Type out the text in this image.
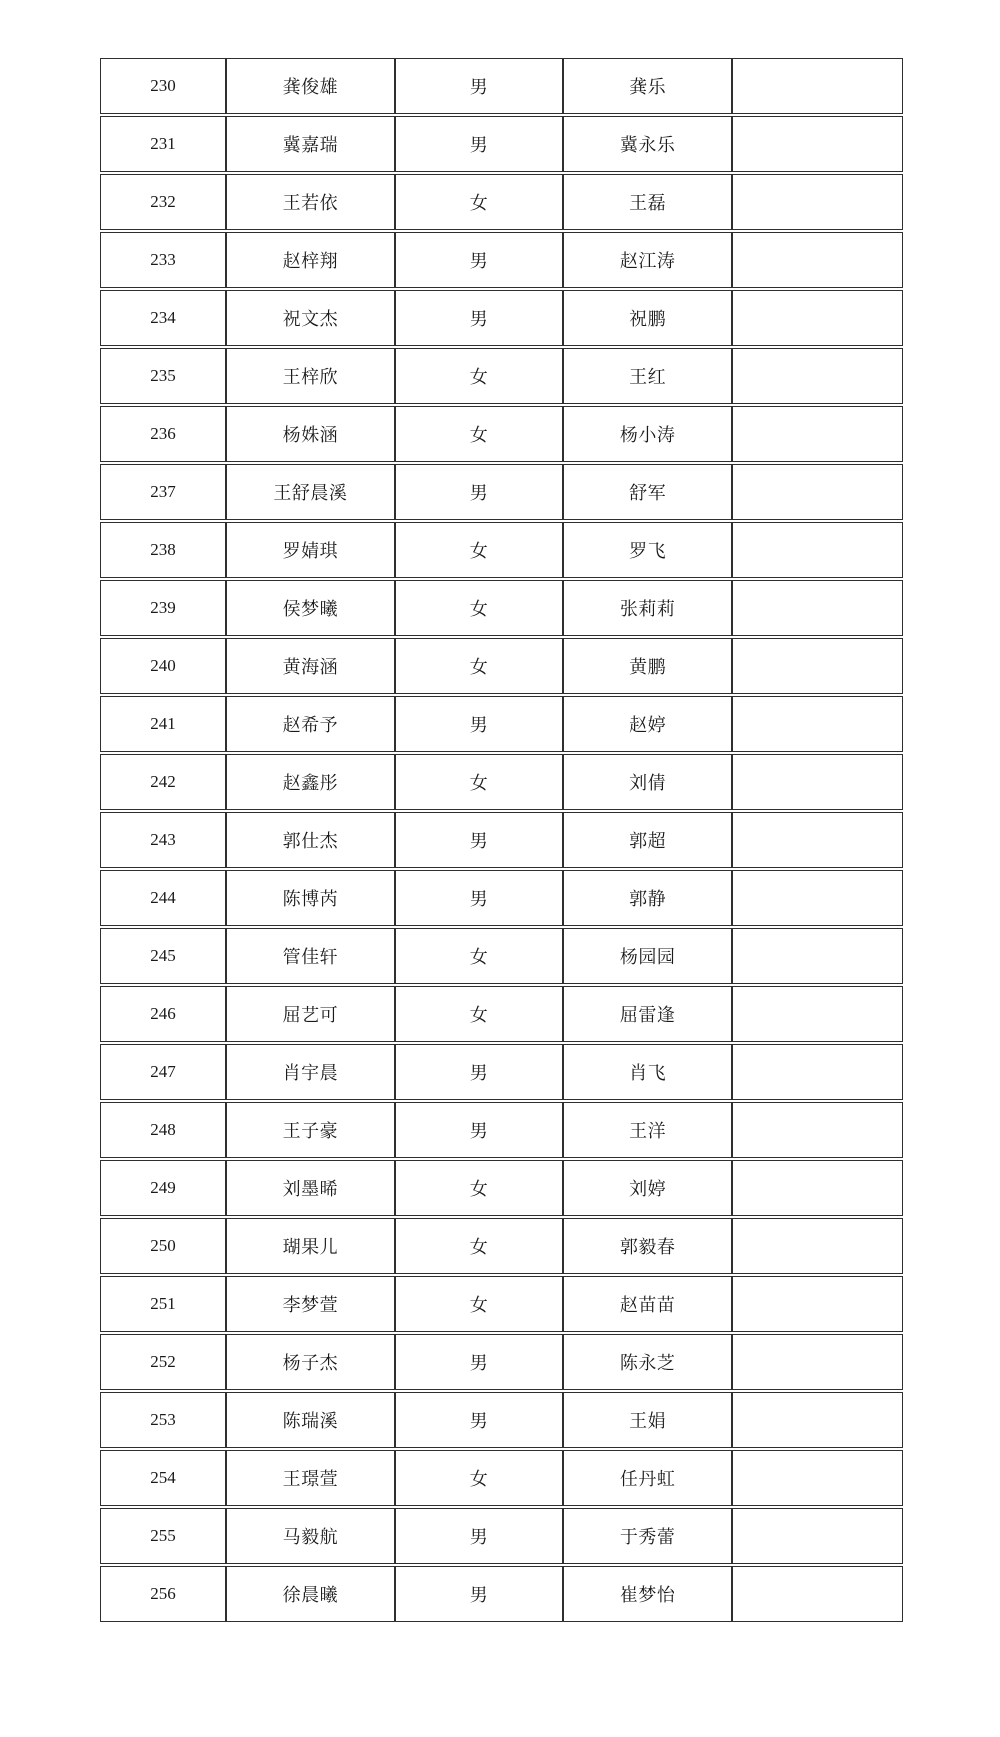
230	龚俊雄	男	龚乐	
231	冀嘉瑞	男	冀永乐	
232	王若依	女	王磊	
233	赵梓翔	男	赵江涛	
234	祝文杰	男	祝鹏	
235	王梓欣	女	王红	
236	杨姝涵	女	杨小涛	
237	王舒晨溪	男	舒军	
238	罗婧琪	女	罗飞	
239	侯梦曦	女	张莉莉	
240	黄海涵	女	黄鹏	
241	赵希予	男	赵婷	
242	赵鑫彤	女	刘倩	
243	郭仕杰	男	郭超	
244	陈博芮	男	郭静	
245	管佳轩	女	杨园园	
246	屈艺可	女	屈雷逢	
247	肖宇晨	男	肖飞	
248	王子豪	男	王洋	
249	刘墨晞	女	刘婷	
250	瑚果儿	女	郭毅春	
251	李梦萱	女	赵苗苗	
252	杨子杰	男	陈永芝	
253	陈瑞溪	男	王娟	
254	王璟萱	女	任丹虹	
255	马毅航	男	于秀蕾	
256	徐晨曦	男	崔梦怡	
